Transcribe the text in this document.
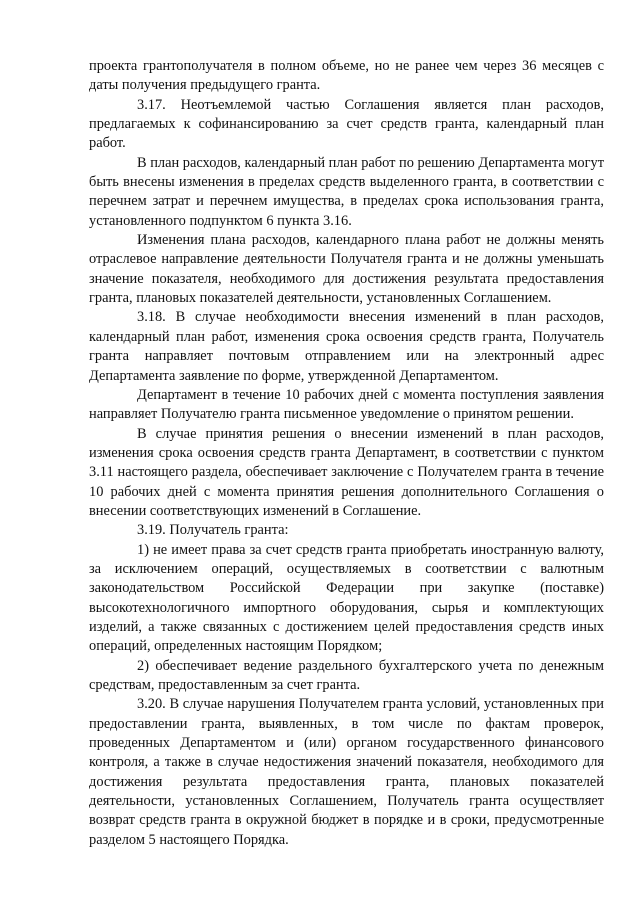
проекта грантополучателя в полном объеме, но не ранее чем через 36 месяцев с даты получения предыдущего гранта.

3.17. Неотъемлемой частью Соглашения является план расходов, предлагаемых к софинансированию за счет средств гранта, календарный план работ.

В план расходов, календарный план работ по решению Департамента могут быть внесены изменения в пределах средств выделенного гранта, в соответствии с перечнем затрат и перечнем имущества, в пределах срока использования гранта, установленного подпунктом 6 пункта 3.16.

Изменения плана расходов, календарного плана работ не должны менять отраслевое направление деятельности Получателя гранта и не должны уменьшать значение показателя, необходимого для достижения результата предоставления гранта, плановых показателей деятельности, установленных Соглашением.

3.18. В случае необходимости внесения изменений в план расходов, календарный план работ, изменения срока освоения средств гранта, Получатель гранта направляет почтовым отправлением или на электронный адрес Департамента заявление по форме, утвержденной Департаментом.

Департамент в течение 10 рабочих дней с момента поступления заявления направляет Получателю гранта письменное уведомление о принятом решении.

В случае принятия решения о внесении изменений в план расходов, изменения срока освоения средств гранта Департамент, в соответствии с пунктом 3.11 настоящего раздела, обеспечивает заключение с Получателем гранта в течение 10 рабочих дней с момента принятия решения дополнительного Соглашения о внесении соответствующих изменений в Соглашение.

3.19. Получатель гранта:

1) не имеет права за счет средств гранта приобретать иностранную валюту, за исключением операций, осуществляемых в соответствии с валютным законодательством Российской Федерации при закупке (поставке) высокотехнологичного импортного оборудования, сырья и комплектующих изделий, а также связанных с достижением целей предоставления средств иных операций, определенных настоящим Порядком;

2) обеспечивает ведение раздельного бухгалтерского учета по денежным средствам, предоставленным за счет гранта.

3.20. В случае нарушения Получателем гранта условий, установленных при предоставлении гранта, выявленных, в том числе по фактам проверок, проведенных Департаментом и (или) органом государственного финансового контроля, а также в случае недостижения значений показателя, необходимого для достижения результата предоставления гранта, плановых показателей деятельности, установленных Соглашением, Получатель гранта осуществляет возврат средств гранта в окружной бюджет в порядке и в сроки, предусмотренные разделом 5 настоящего Порядка.
